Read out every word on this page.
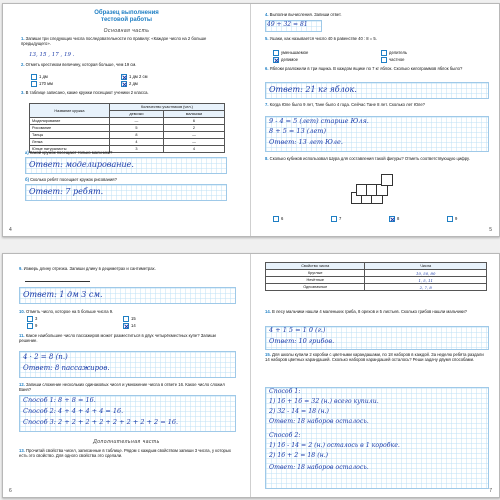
Образец выполнения
тестовой работы
Основная часть
1. Запиши три следующих числа последовательности по правилу: «Каждое число на 2 больше предыдущего».
13, 15 , 17 , 19 .
2. Отметь крестиком величину, которая больше, чем 19 см.
1 дм	1 дм 2 см
170 мм	2 дм
3. В таблице записано, какие кружки посещают ученики 2 класса.
Название кружка	Количество участников (чел.)	
	девочки	мальчики
Моделирование	—	6
Рисование	5	2
Танцы	8	—
Лепка	4	—
Юные натуралисты	3	4
а) Какой кружок посещают только мальчики?
Ответ: моделирование.
б) Сколько ребят посещает кружок рисования?
Ответ: 7 ребят.
4
4. Выполни вычисления. Запиши ответ.
49 + 32 = 81
5. Ушаки, как называется число 40 в равенстве 40 : 8 = 5.
уменьшаемое	делитель
делимое	частное
6. Яблоки разложили в три ящика. В каждом ящике по 7 кг яблок. Сколько килограммов яблок было?
Ответ: 21 кг яблок.
7. Когда Юле было 9 лет, Тане было 4 года. Сейчас Тане 8 лет. Сколько лет Юле?
9 - 4 = 5 (лет) старше Юля.
8 + 5 = 13 (лет)
Ответ: 13 лет Юле.
8. Сколько кубиков использовал Шура для составления такой фигуры? Отметь соответствующую цифру.
6	7	8	9
5
9. Измерь длину отрезка. Запиши длину в дециметрах и сантиметрах.
Ответ: 1 дм 3 см.
10. Отметь число, которое на 5 больше числа 9.
3	15
9	14
11. Какое наибольшее число пассажиров может разместиться в двух четырёхместных купе? Запиши решение.
4 · 2 = 8 (п.)
Ответ: 8 пассажиров.
12. Запиши сложение нескольких одинаковых чисел и умножение числа в ответе 16. Какое число сложил Ваня?
Способ 1: 8 + 8 = 16.
Способ 2: 4 + 4 + 4 + 4 = 16.
Способ 3: 2 + 2 + 2 + 2 + 2 + 2 + 2 + 2 = 16.
Дополнительная часть
13. Прочитай свойства чисел, записанные в таблице. Рядом с каждым свойством запиши 3 числа, у которых есть это свойство. Для одного свойства это сделали.
6
Свойство числа	Числа
Круглые	10, 50, 80
Нечётные	1, 5, 11
Однозначные	2, 7, 8
14. В лесу мальчики нашли 4 маленьких гриба, 8 орехов и 5 листьев. Сколько грибов нашли мальчики?
4 + 1 5 = 1 0 (г.)
Ответ: 10 грибов.
15. Для школы купили 2 коробки с цветными карандашами, по 18 наборов в каждой. За неделю ребята раздали 14 наборов цветных карандашей. Сколько наборов карандашей осталось? Реши задачу двумя способами.
Способ 1:
1) 16 + 16 = 32 (н.) всего купили.
2) 32 - 14 = 18 (н.)
Ответ: 18 наборов осталось.
Способ 2:
1) 16 - 14 = 2 (н.) осталось в 1 коробке.
2) 16 + 2 = 18 (н.)
Ответ: 18 наборов осталось.
7
